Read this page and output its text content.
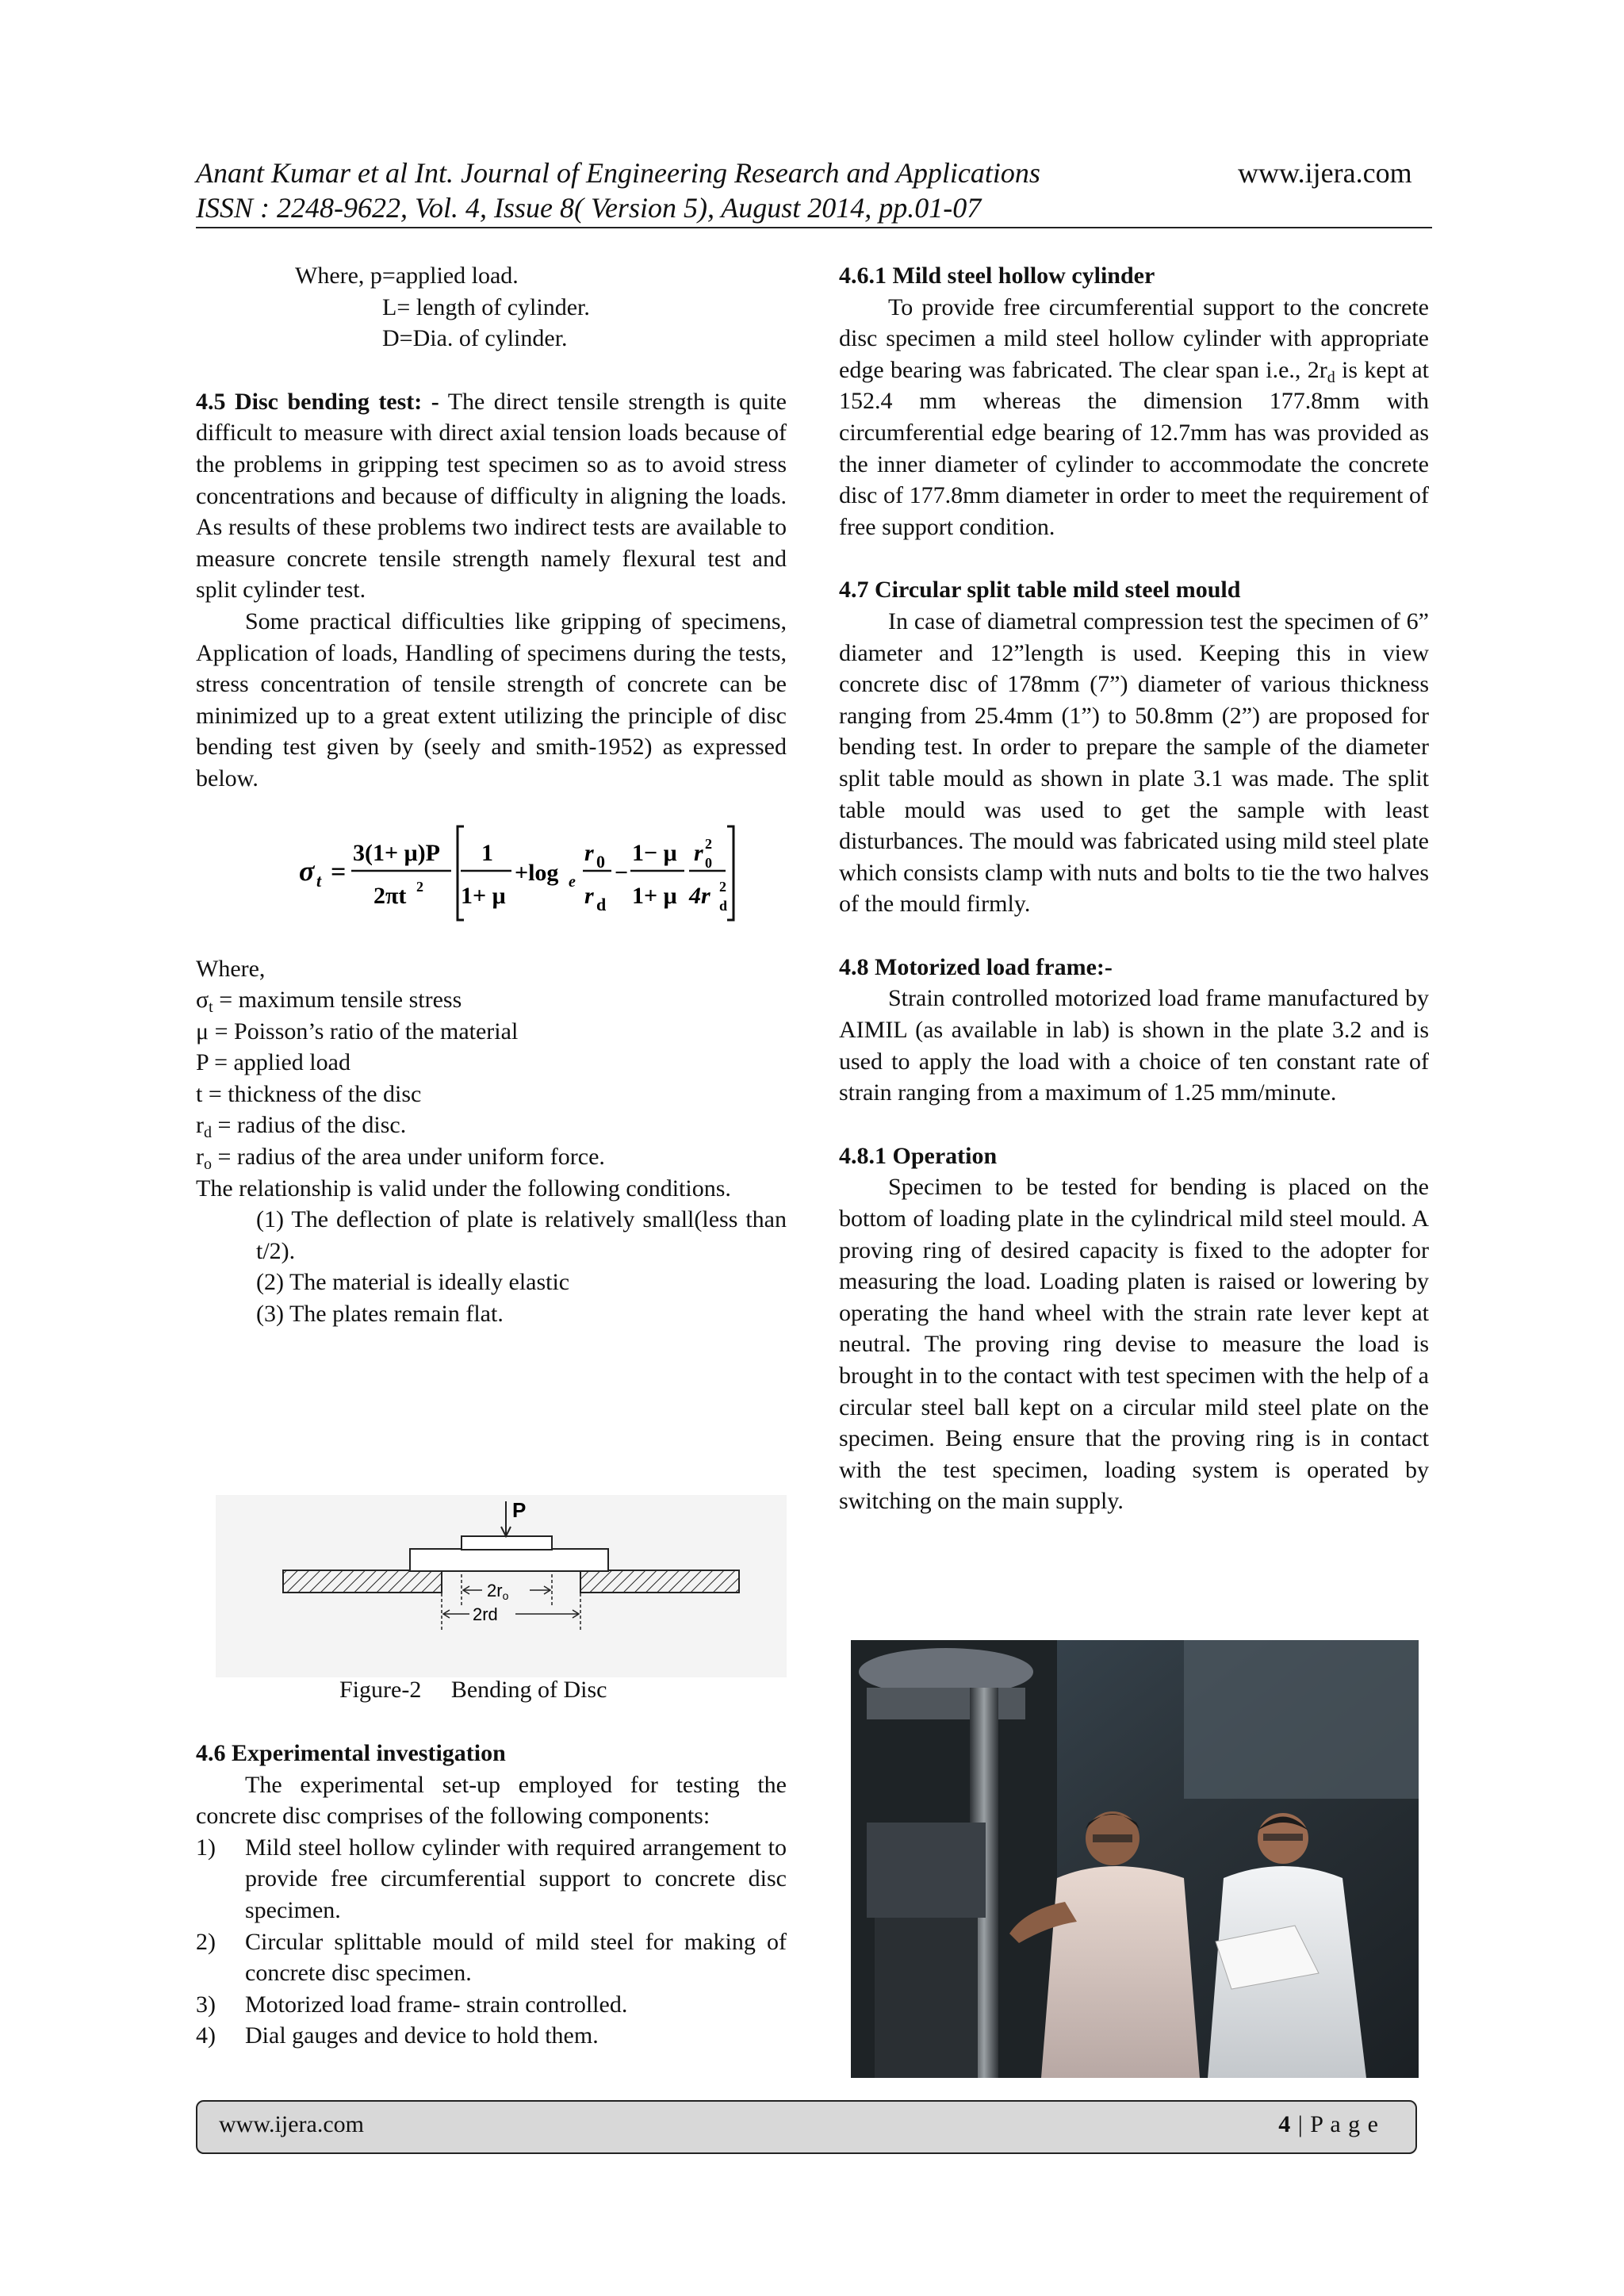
Anant Kumar et al Int. Journal of Engineering Research and Applications	www.ijera.com
ISSN : 2248-9622, Vol. 4, Issue 8( Version 5), August 2014, pp.01-07

Where, p=applied load.

L= length of cylinder.

D=Dia. of cylinder.

4.5 Disc bending test: - The direct tensile strength is quite difficult to measure with direct axial tension loads because of the problems in gripping test specimen so as to avoid stress concentrations and because of difficulty in aligning the loads. As results of these problems two indirect tests are available to measure concrete tensile strength namely flexural test and split cylinder test.

Some practical difficulties like gripping of specimens, Application of loads, Handling of specimens during the tests, stress concentration of tensile strength of concrete can be minimized up to a great extent utilizing the principle of disc bending test given by (seely and smith-1952) as expressed below.

σ t =
3(1+ μ)P
2πt 2
1
1+ μ
+log e
r 0
r d
−
1− μ
1+ μ
r 0
2
4r d
2

Where,

$\sigma_t$ = maximum tensile stress

μ = Poisson’s ratio of the material

P = applied load

t = thickness of the disc

$r_d$ = radius of the disc.

$r_o$ = radius of the area under uniform force.

The relationship is valid under the following conditions.

(1) The deflection of plate is relatively small(less than t/2).

(2) The material is ideally elastic

(3) The plates remain flat.

P
2ro
2rd
Figure-2     Bending of Disc

4.6 Experimental investigation

The experimental set-up employed for testing the concrete disc comprises of the following components:

1)	Mild steel hollow cylinder with required arrangement to provide free circumferential support to concrete disc specimen.
2)	Circular splittable mould of mild steel for making of concrete disc specimen.
3)	Motorized load frame- strain controlled.
4)	Dial gauges and device to hold them.

4.6.1 Mild steel hollow cylinder

To provide free circumferential support to the concrete disc specimen a mild steel hollow cylinder with appropriate edge bearing was fabricated. The clear span i.e., $2r_d$ is kept at 152.4 mm whereas the dimension 177.8mm with circumferential edge bearing of 12.7mm has was provided as the inner diameter of cylinder to accommodate the concrete disc of 177.8mm diameter in order to meet the requirement of free support condition.

4.7 Circular split table mild steel mould

In case of diametral compression test the specimen of 6” diameter and 12”length is used. Keeping this in view concrete disc of 178mm (7”) diameter of various thickness ranging from 25.4mm (1”) to 50.8mm (2”) are proposed for bending test. In order to prepare the sample of the diameter split table mould as shown in plate 3.1 was made. The split table mould was used to get the sample with least disturbances. The mould was fabricated using mild steel plate which consists clamp with nuts and bolts to tie the two halves of the mould firmly.

4.8 Motorized load frame:-

Strain controlled motorized load frame manufactured by AIMIL (as available in lab) is shown in the plate 3.2 and is used to apply the load with a choice of ten constant rate of strain ranging from a maximum of 1.25 mm/minute.

4.8.1 Operation

Specimen to be tested for bending is placed on the bottom of loading plate in the cylindrical mild steel mould. A proving ring of desired capacity is fixed to the adopter for measuring the load. Loading platen is raised or lowering by operating the hand wheel with the strain rate lever kept at neutral. The proving ring devise to measure the load is brought in to the contact with test specimen with the help of a circular steel ball kept on a circular mild steel plate on the specimen. Being ensure that the proving ring is in contact with the test specimen, loading system is operated by switching on the main supply.

www.ijera.com	4 | P a g e
